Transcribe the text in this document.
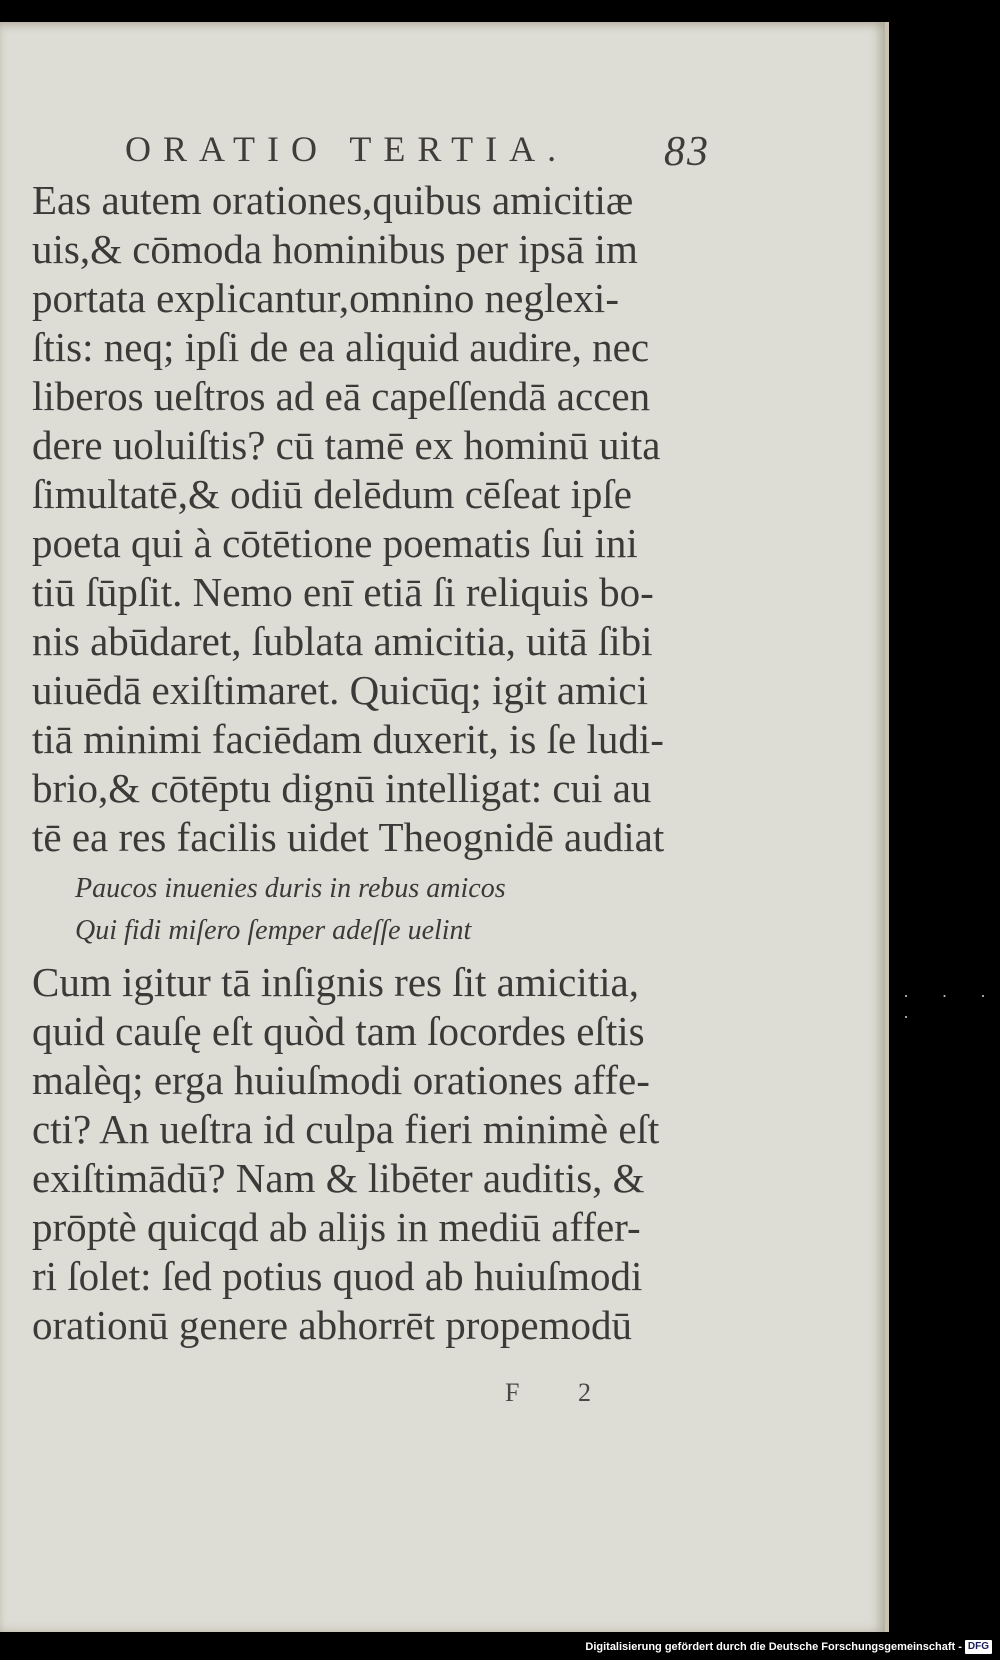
ORATIO TERTIA. 83
Eas autem orationes,quibus amicitiæ
uis,& cōmoda hominibus per ipsā im
portata explicantur,omnino neglexi-
ſtis: neq; ipſi de ea aliquid audire, nec
liberos ueſtros ad eā capeſſendā accen
dere uoluiſtis? cū tamē ex hominū uita
ſimultatē,& odiū delēdum cēſeat ipſe
poeta qui à cōtētione poematis ſui ini
tiū ſūpſit. Nemo enī etiā ſi reliquis bo-
nis abūdaret, ſublata amicitia, uitā ſibi
uiuēdā exiſtimaret. Quicūq; igit amici
tiā minimi faciēdam duxerit, is ſe ludi-
brio,& cōtēptu dignū intelligat: cui au
tē ea res facilis uidet Theognidē audiat
Paucos inuenies duris in rebus amicos
Qui fidi miſero ſemper adeſſe uelint
Cum igitur tā inſignis res ſit amicitia,
quid cauſę eſt quòd tam ſocordes eſtis
malèq; erga huiuſmodi orationes affe-
cti? An ueſtra id culpa fieri minimè eſt
exiſtimādū? Nam & libēter auditis, &
prōptè quicqd ab alijs in mediū affer-
ri ſolet: ſed potius quod ab huiuſmodi
orationū genere abhorrēt propemodū
F 2
· · · ·
Digitalisierung gefördert durch die Deutsche Forschungsgemeinschaft - DFG
